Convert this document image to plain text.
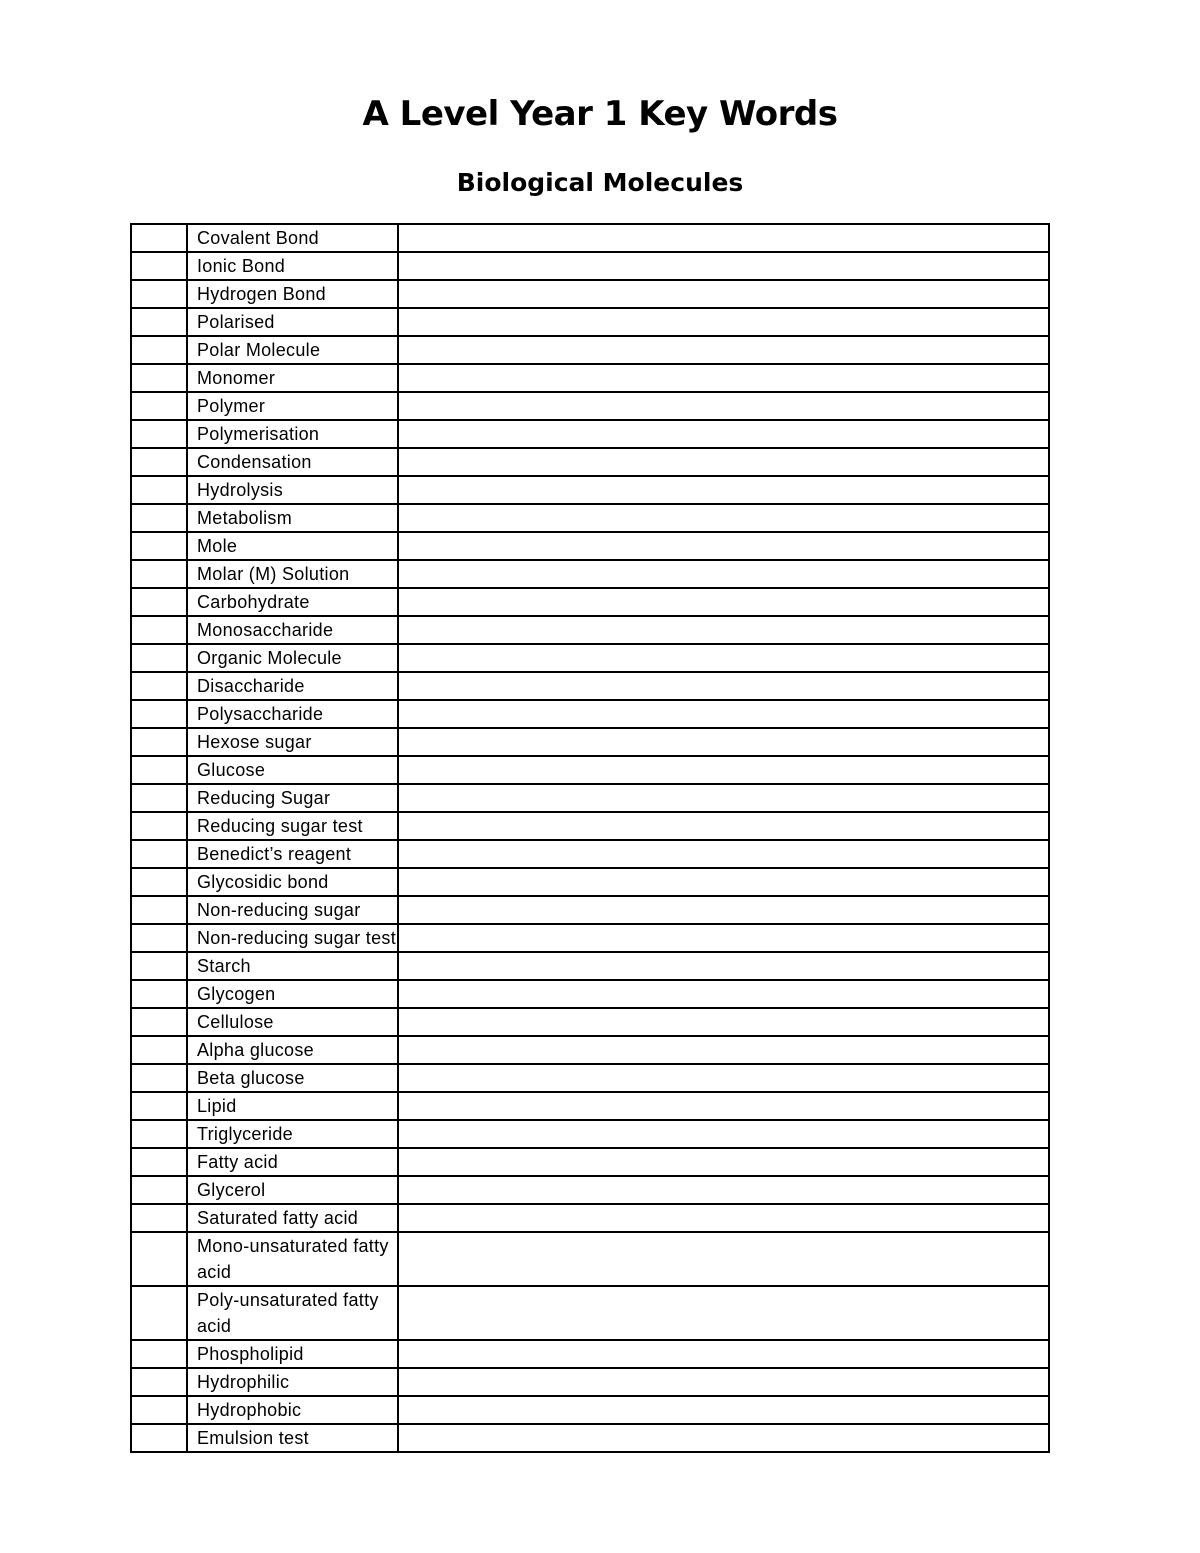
A Level Year 1 Key Words
Biological Molecules
	Covalent Bond	
	Ionic Bond	
	Hydrogen Bond	
	Polarised	
	Polar Molecule	
	Monomer	
	Polymer	
	Polymerisation	
	Condensation	
	Hydrolysis	
	Metabolism	
	Mole	
	Molar (M) Solution	
	Carbohydrate	
	Monosaccharide	
	Organic Molecule	
	Disaccharide	
	Polysaccharide	
	Hexose sugar	
	Glucose	
	Reducing Sugar	
	Reducing sugar test	
	Benedict’s reagent	
	Glycosidic bond	
	Non-reducing sugar	
	Non-reducing sugar test	
	Starch	
	Glycogen	
	Cellulose	
	Alpha glucose	
	Beta glucose	
	Lipid	
	Triglyceride	
	Fatty acid	
	Glycerol	
	Saturated fatty acid	
	Mono-unsaturated fatty acid	
	Poly-unsaturated fatty acid	
	Phospholipid	
	Hydrophilic	
	Hydrophobic	
	Emulsion test	
